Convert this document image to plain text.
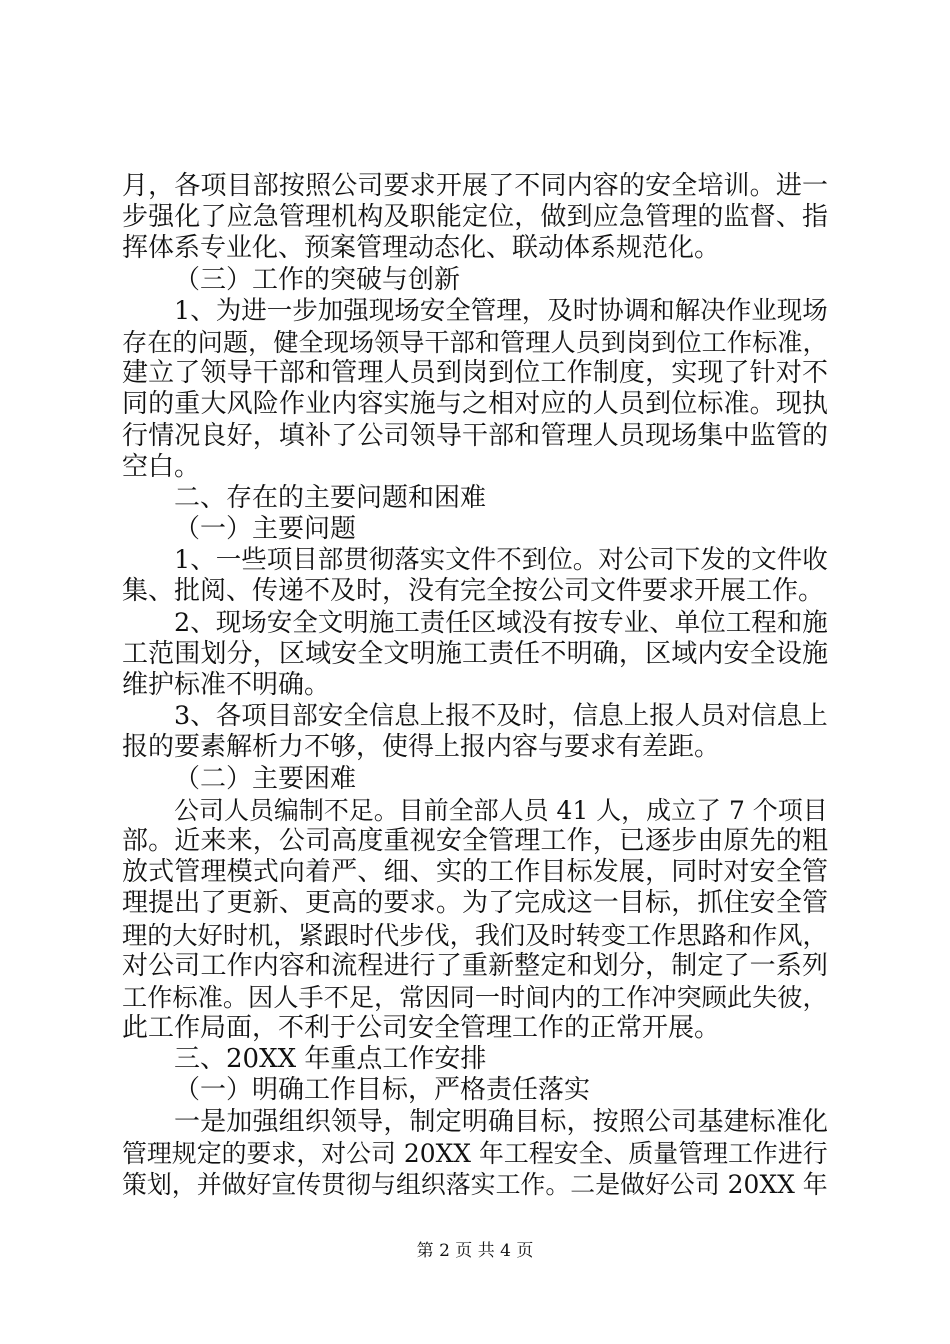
月，各项目部按照公司要求开展了不同内容的安全培训。进一
步强化了应急管理机构及职能定位，做到应急管理的监督、指
挥体系专业化、预案管理动态化、联动体系规范化。
（三）工作的突破与创新
1、为进一步加强现场安全管理，及时协调和解决作业现场
存在的问题，健全现场领导干部和管理人员到岗到位工作标准，
建立了领导干部和管理人员到岗到位工作制度，实现了针对不
同的重大风险作业内容实施与之相对应的人员到位标准。现执
行情况良好，填补了公司领导干部和管理人员现场集中监管的
空白。
二、存在的主要问题和困难
（一）主要问题
1、一些项目部贯彻落实文件不到位。对公司下发的文件收
集、批阅、传递不及时，没有完全按公司文件要求开展工作。
2、现场安全文明施工责任区域没有按专业、单位工程和施
工范围划分，区域安全文明施工责任不明确，区域内安全设施
维护标准不明确。
3、各项目部安全信息上报不及时，信息上报人员对信息上
报的要素解析力不够，使得上报内容与要求有差距。
（二）主要困难
公司人员编制不足。目前全部人员 41 人，成立了 7 个项目
部。近来来，公司高度重视安全管理工作，已逐步由原先的粗
放式管理模式向着严、细、实的工作目标发展，同时对安全管
理提出了更新、更高的要求。为了完成这一目标，抓住安全管
理的大好时机，紧跟时代步伐，我们及时转变工作思路和作风，
对公司工作内容和流程进行了重新整定和划分，制定了一系列
工作标准。因人手不足，常因同一时间内的工作冲突顾此失彼，
此工作局面，不利于公司安全管理工作的正常开展。
三、20XX 年重点工作安排
（一）明确工作目标，严格责任落实
一是加强组织领导，制定明确目标，按照公司基建标准化
管理规定的要求，对公司 20XX 年工程安全、质量管理工作进行
策划，并做好宣传贯彻与组织落实工作。二是做好公司 20XX 年
第 2 页 共 4 页
